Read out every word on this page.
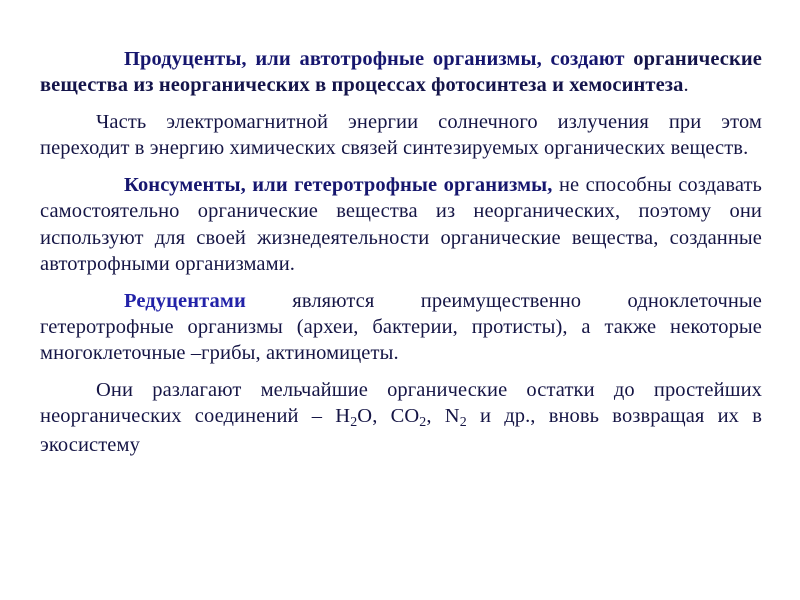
Продуценты, или автотрофные организмы, создают органические вещества из неорганических в процессах фотосинтеза и хемосинтеза.

Часть электромагнитной энергии солнечного излучения при этом переходит в энергию химических связей синтезируемых органических веществ.

Консументы, или гетеротрофные организмы, не способны создавать самостоятельно органические вещества из неорганических, поэтому они используют для своей жизнедеятельности органические вещества, созданные автотрофными организмами.

Редуцентами являются преимущественно одноклеточные гетеротрофные организмы (археи, бактерии, протисты), а также некоторые многоклеточные –грибы, актиномицеты.

Они разлагают мельчайшие органические остатки до простейших неорганических соединений – $H_2O$, $CO_2$, $N_2$ и др., вновь возвращая их в экосистему
